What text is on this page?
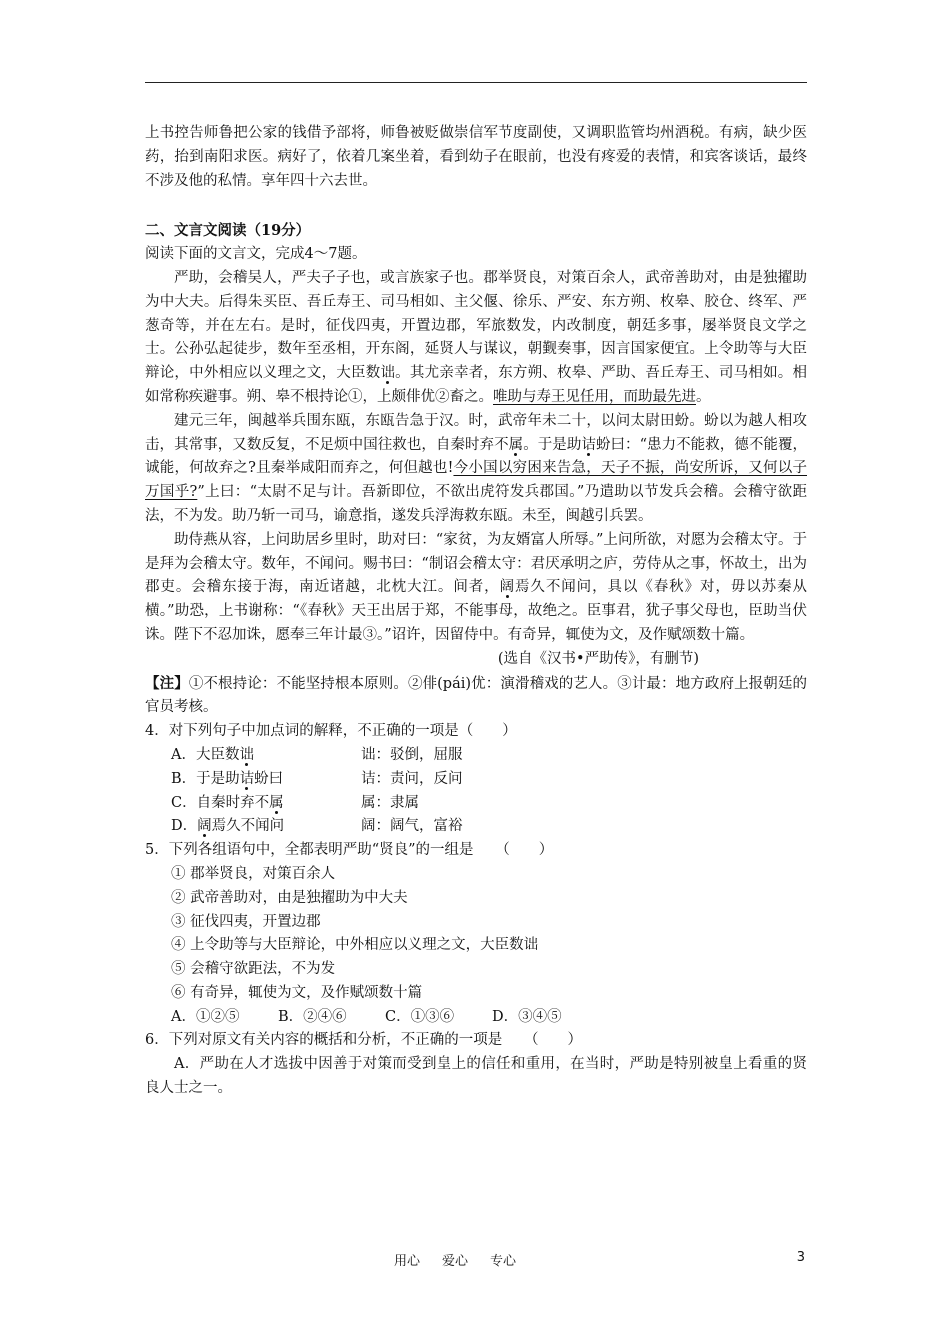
上书控告师鲁把公家的钱借予部将，师鲁被贬做崇信军节度副使，又调职监管均州酒税。有病，缺少医药，抬到南阳求医。病好了，依着几案坐着，看到幼子在眼前，也没有疼爱的表情，和宾客谈话，最终不涉及他的私情。享年四十六去世。

二、文言文阅读（19分）

阅读下面的文言文，完成4～7题。

严助，会稽吴人，严夫子子也，或言族家子也。郡举贤良，对策百余人，武帝善助对，由是独擢助为中大夫。后得朱买臣、吾丘寿王、司马相如、主父偃、徐乐、严安、东方朔、枚皋、胶仓、终军、严葱奇等，并在左右。是时，征伐四夷，开置边郡，军旅数发，内改制度，朝廷多事，屡举贤良文学之士。公孙弘起徒步，数年至丞相，开东阁，延贤人与谋议，朝觐奏事，因言国家便宜。上令助等与大臣辩论，中外相应以义理之文，大臣数诎。其尤亲幸者，东方朔、枚皋、严助、吾丘寿王、司马相如。相如常称疾避事。朔、皋不根持论①，上颇俳优②畜之。唯助与寿王见任用，而助最先进。

建元三年，闽越举兵围东瓯，东瓯告急于汉。时，武帝年未二十，以问太尉田蚡。蚡以为越人相攻击，其常事，又数反复，不足烦中国往救也，自秦时弃不属。于是助诘蚡曰：“患力不能救，德不能覆，诚能，何故弃之?且秦举咸阳而弃之，何但越也!今小国以穷困来告急，天子不振，尚安所诉，又何以子万国乎?”上曰：“太尉不足与计。吾新即位，不欲出虎符发兵郡国。”乃遣助以节发兵会稽。会稽守欲距法，不为发。助乃斩一司马，谕意指，遂发兵浮海救东瓯。未至，闽越引兵罢。

助侍燕从容，上问助居乡里时，助对曰：“家贫，为友婿富人所辱。”上问所欲，对愿为会稽太守。于是拜为会稽太守。数年，不闻问。赐书曰：“制诏会稽太守：君厌承明之庐，劳侍从之事，怀故土，出为郡吏。会稽东接于海，南近诸越，北枕大江。间者，阔焉久不闻问，具以《春秋》对，毋以苏秦从横。”助恐，上书谢称：“《春秋》天王出居于郑，不能事母，故绝之。臣事君，犹子事父母也，臣助当伏诛。陛下不忍加诛，愿奉三年计最③。”诏许，因留侍中。有奇异，辄使为文，及作赋颂数十篇。

(选自《汉书•严助传》，有删节)

【注】①不根持论：不能坚持根本原则。②俳(pái)优：演滑稽戏的艺人。③计最：地方政府上报朝廷的官员考核。

4．对下列句子中加点词的解释，不正确的一项是（　　）

A．大臣数诎	诎：驳倒，屈服
B．于是助诘蚡曰	诘：责问，反问
C．自秦时弃不属	属：隶属
D．阔焉久不闻问	阔：阔气，富裕

5．下列各组语句中，全都表明严助“贤良”的一组是　　（　　）

① 郡举贤良，对策百余人

② 武帝善助对，由是独擢助为中大夫

③ 征伐四夷，开置边郡

④ 上令助等与大臣辩论，中外相应以义理之文，大臣数诎

⑤ 会稽守欲距法，不为发

⑥ 有奇异，辄使为文，及作赋颂数十篇

A．①②⑤	B．②④⑥	C．①③⑥	D．③④⑤

6．下列对原文有关内容的概括和分析，不正确的一项是　　（　　）

A．严助在人才选拔中因善于对策而受到皇上的信任和重用，在当时，严助是特别被皇上看重的贤良人士之一。

用心 爱心 专心	3
